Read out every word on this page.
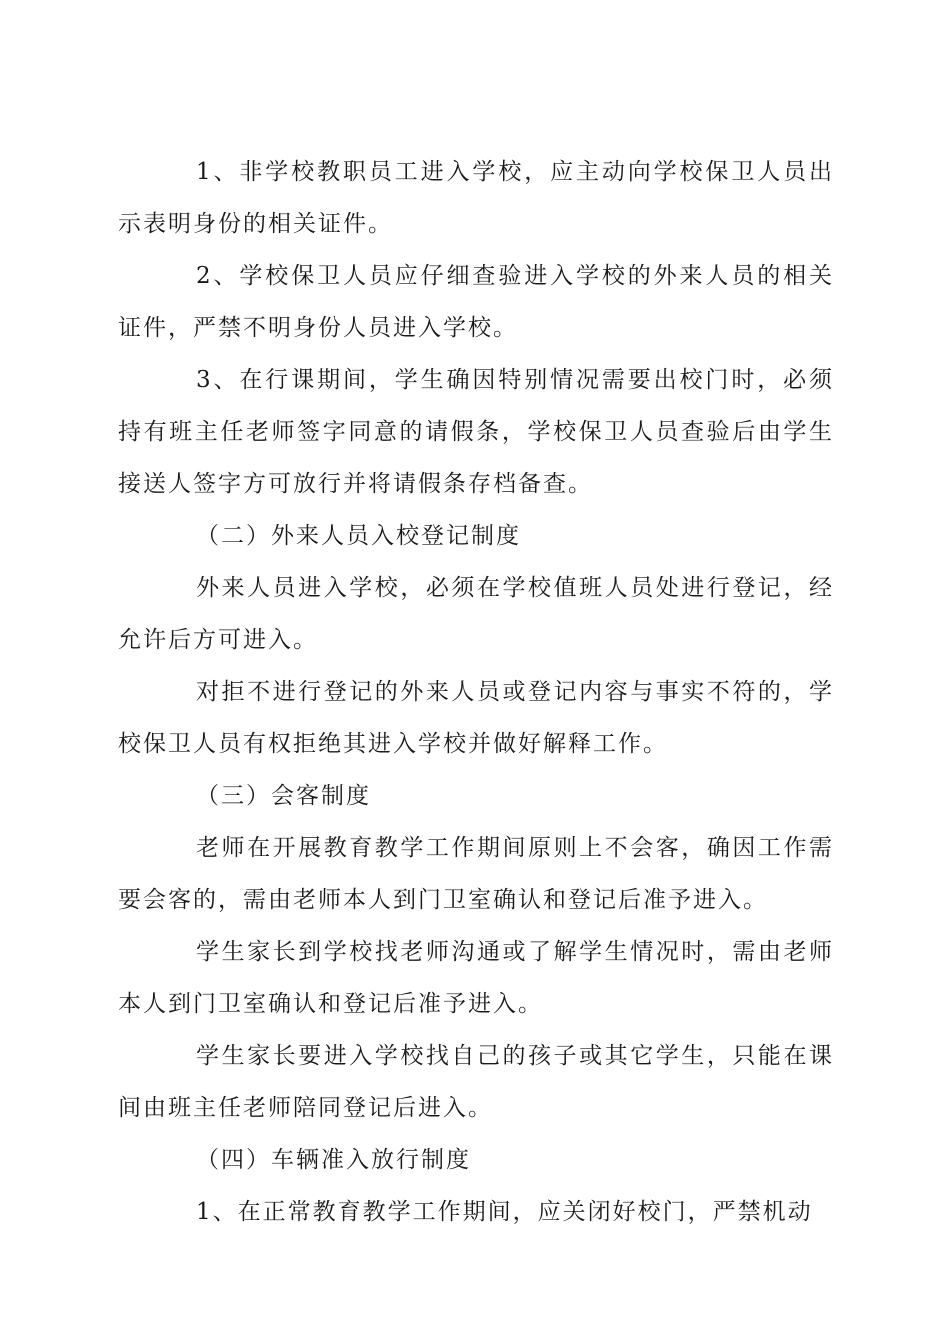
1、非学校教职员工进入学校，应主动向学校保卫人员出示表明身份的相关证件。

2、学校保卫人员应仔细查验进入学校的外来人员的相关证件，严禁不明身份人员进入学校。

3、在行课期间，学生确因特别情况需要出校门时，必须持有班主任老师签字同意的请假条，学校保卫人员查验后由学生接送人签字方可放行并将请假条存档备查。

（二）外来人员入校登记制度

外来人员进入学校，必须在学校值班人员处进行登记，经允许后方可进入。

对拒不进行登记的外来人员或登记内容与事实不符的，学校保卫人员有权拒绝其进入学校并做好解释工作。

（三）会客制度

老师在开展教育教学工作期间原则上不会客，确因工作需要会客的，需由老师本人到门卫室确认和登记后准予进入。

学生家长到学校找老师沟通或了解学生情况时，需由老师本人到门卫室确认和登记后准予进入。

学生家长要进入学校找自己的孩子或其它学生，只能在课间由班主任老师陪同登记后进入。

（四）车辆准入放行制度

1、在正常教育教学工作期间，应关闭好校门，严禁机动
